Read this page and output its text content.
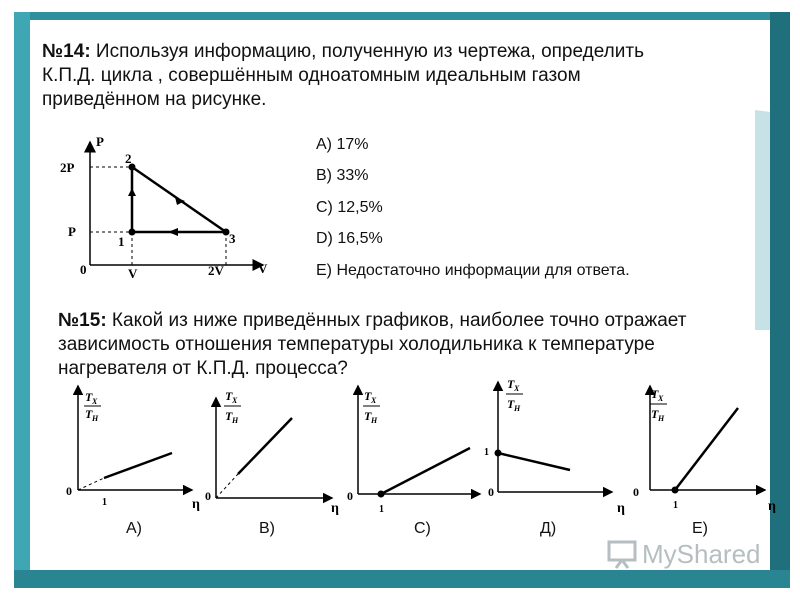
№14: Используя информацию, полученную из чертежа, определить К.П.Д. цикла , совершённым одноатомным идеальным газом приведённом на рисунке.
P
V
0
2P
P
V	2V
1
2
3
A) 17%
B) 33%
C) 12,5%
D) 16,5%
E) Недостаточно информации для ответа.
№15: Какой из ниже приведённых графиков, наиболее точно отражает зависимость отношения температуры холодильника к температуре нагревателя от К.П.Д. процесса?
T X
T H
0
1	η
T X
T H
0
η
T X
T H
0
1
T X
T H
1
0
η
T X
T H
0
1	η
A)	B)	C)	Д)	E)
MyShared
